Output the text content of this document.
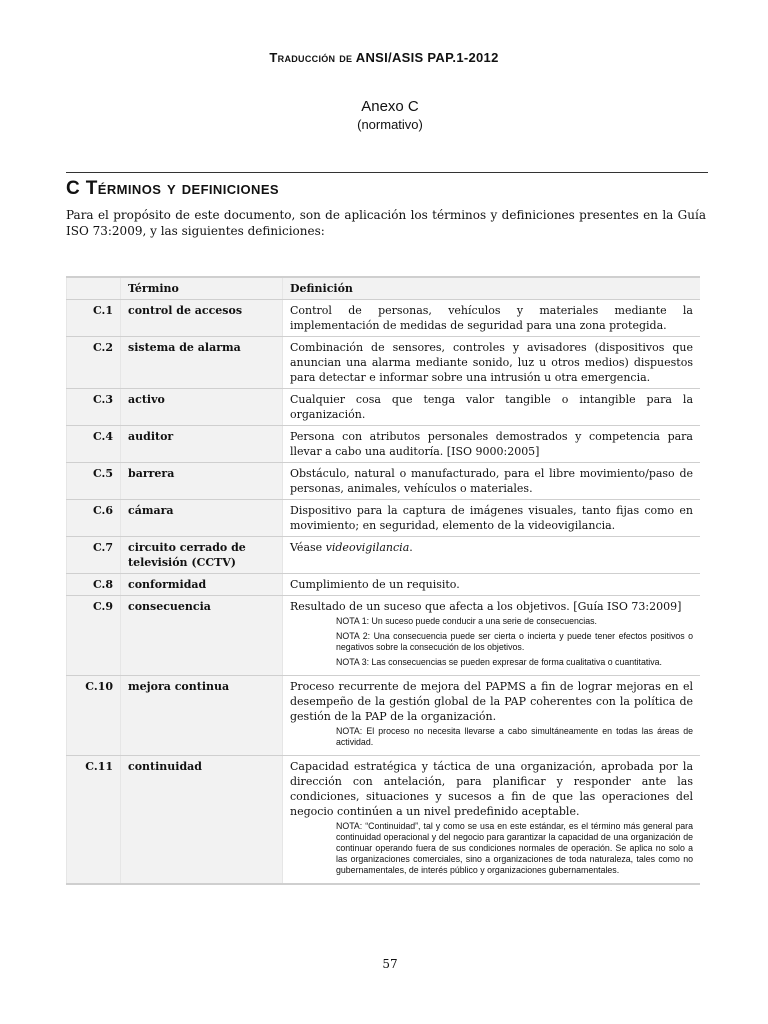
Traducción de ANSI/ASIS PAP.1-2012
Anexo C
(normativo)
C Términos y definiciones
Para el propósito de este documento, son de aplicación los términos y definiciones presentes en la Guía ISO 73:2009, y las siguientes definiciones:
	Término	Definición
C.1	control de accesos	Control de personas, vehículos y materiales mediante la implementación de medidas de seguridad para una zona protegida.
C.2	sistema de alarma	Combinación de sensores, controles y avisadores (dispositivos que anuncian una alarma mediante sonido, luz u otros medios) dispuestos para detectar e informar sobre una intrusión u otra emergencia.
C.3	activo	Cualquier cosa que tenga valor tangible o intangible para la organización.
C.4	auditor	Persona con atributos personales demostrados y competencia para llevar a cabo una auditoría. [ISO 9000:2005]
C.5	barrera	Obstáculo, natural o manufacturado, para el libre movimiento/paso de personas, animales, vehículos o materiales.
C.6	cámara	Dispositivo para la captura de imágenes visuales, tanto fijas como en movimiento; en seguridad, elemento de la videovigilancia.
C.7	circuito cerrado de televisión (CCTV)	Véase videovigilancia.
C.8	conformidad	Cumplimiento de un requisito.
C.9	consecuencia	Resultado de un suceso que afecta a los objetivos. [Guía ISO 73:2009]
NOTA 1: Un suceso puede conducir a una serie de consecuencias.
NOTA 2: Una consecuencia puede ser cierta o incierta y puede tener efectos positivos o negativos sobre la consecución de los objetivos.
NOTA 3: Las consecuencias se pueden expresar de forma cualitativa o cuantitativa.

C.10	mejora continua	Proceso recurrente de mejora del PAPMS a fin de lograr mejoras en el desempeño de la gestión global de la PAP coherentes con la política de gestión de la PAP de la organización.
NOTA: El proceso no necesita llevarse a cabo simultáneamente en todas las áreas de actividad.

C.11	continuidad	Capacidad estratégica y táctica de una organización, aprobada por la dirección con antelación, para planificar y responder ante las condiciones, situaciones y sucesos a fin de que las operaciones del negocio continúen a un nivel predefinido aceptable.
NOTA: “Continuidad”, tal y como se usa en este estándar, es el término más general para continuidad operacional y del negocio para garantizar la capacidad de una organización de continuar operando fuera de sus condiciones normales de operación. Se aplica no solo a las organizaciones comerciales, sino a organizaciones de toda naturaleza, tales como no gubernamentales, de interés público y organizaciones gubernamentales.
57
